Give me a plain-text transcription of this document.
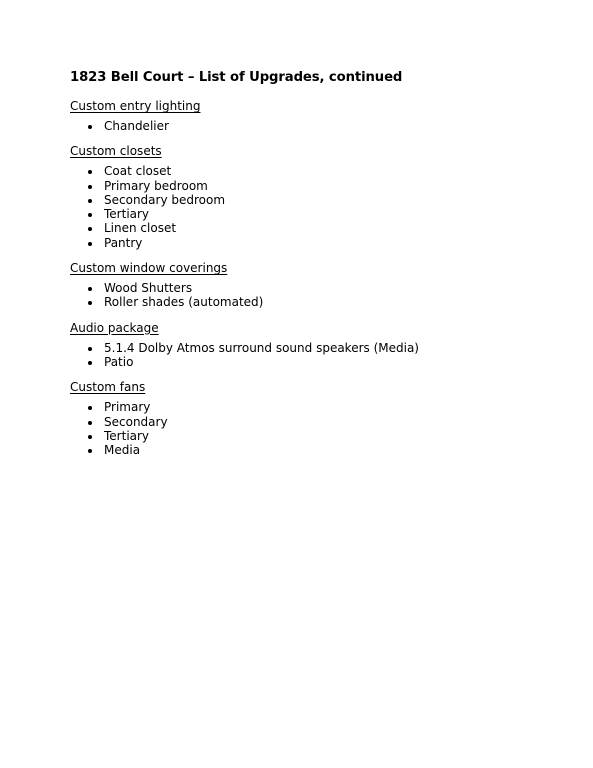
1823 Bell Court – List of Upgrades, continued
Custom entry lighting
Chandelier
Custom closets
Coat closet
Primary bedroom
Secondary bedroom
Tertiary
Linen closet
Pantry
Custom window coverings
Wood Shutters
Roller shades (automated)
Audio package
5.1.4 Dolby Atmos surround sound speakers (Media)
Patio
Custom fans
Primary
Secondary
Tertiary
Media
